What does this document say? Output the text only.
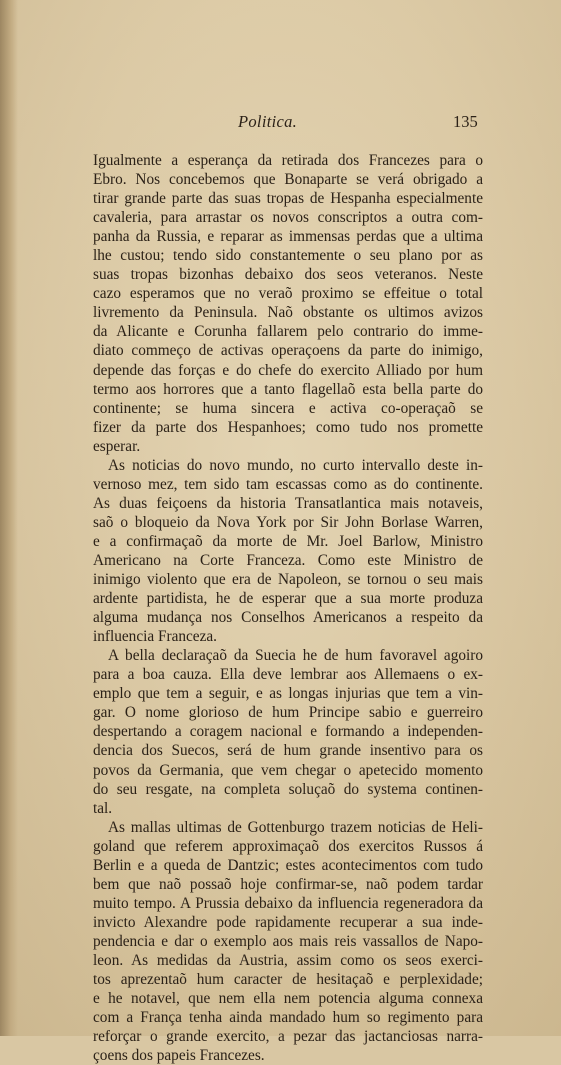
Politica.	135
Igualmente a esperança da retirada dos Francezes para o
Ebro. Nos concebemos que Bonaparte se verá obrigado a
tirar grande parte das suas tropas de Hespanha especialmente
cavaleria, para arrastar os novos conscriptos a outra com-
panha da Russia, e reparar as immensas perdas que a ultima
lhe custou; tendo sido constantemente o seu plano por as
suas tropas bizonhas debaixo dos seos veteranos. Neste
cazo esperamos que no veraõ proximo se effeitue o total
livremento da Peninsula. Naõ obstante os ultimos avizos
da Alicante e Corunha fallarem pelo contrario do imme-
diato commeço de activas operaçoens da parte do inimigo,
depende das forças e do chefe do exercito Alliado por hum
termo aos horrores que a tanto flagellaõ esta bella parte do
continente; se huma sincera e activa co-operaçaõ se
fizer da parte dos Hespanhoes; como tudo nos promette
esperar.
As noticias do novo mundo, no curto intervallo deste in-
vernoso mez, tem sido tam escassas como as do continente.
As duas feiçoens da historia Transatlantica mais notaveis,
saõ o bloqueio da Nova York por Sir John Borlase Warren,
e a confirmaçaõ da morte de Mr. Joel Barlow, Ministro
Americano na Corte Franceza. Como este Ministro de
inimigo violento que era de Napoleon, se tornou o seu mais
ardente partidista, he de esperar que a sua morte produza
alguma mudança nos Conselhos Americanos a respeito da
influencia Franceza.
A bella declaraçaõ da Suecia he de hum favoravel agoiro
para a boa cauza. Ella deve lembrar aos Allemaens o ex-
emplo que tem a seguir, e as longas injurias que tem a vin-
gar. O nome glorioso de hum Principe sabio e guerreiro
despertando a coragem nacional e formando a independen-
dencia dos Suecos, será de hum grande insentivo para os
povos da Germania, que vem chegar o apetecido momento
do seu resgate, na completa soluçaõ do systema continen-
tal.
As mallas ultimas de Gottenburgo trazem noticias de Heli-
goland que referem approximaçaõ dos exercitos Russos á
Berlin e a queda de Dantzic; estes acontecimentos com tudo
bem que naõ possaõ hoje confirmar-se, naõ podem tardar
muito tempo. A Prussia debaixo da influencia regeneradora da
invicto Alexandre pode rapidamente recuperar a sua inde-
pendencia e dar o exemplo aos mais reis vassallos de Napo-
leon. As medidas da Austria, assim como os seos exerci-
tos aprezentaõ hum caracter de hesitaçaõ e perplexidade;
e he notavel, que nem ella nem potencia alguma connexa
com a França tenha ainda mandado hum so regimento para
reforçar o grande exercito, a pezar das jactanciosas narra-
çoens dos papeis Francezes.
